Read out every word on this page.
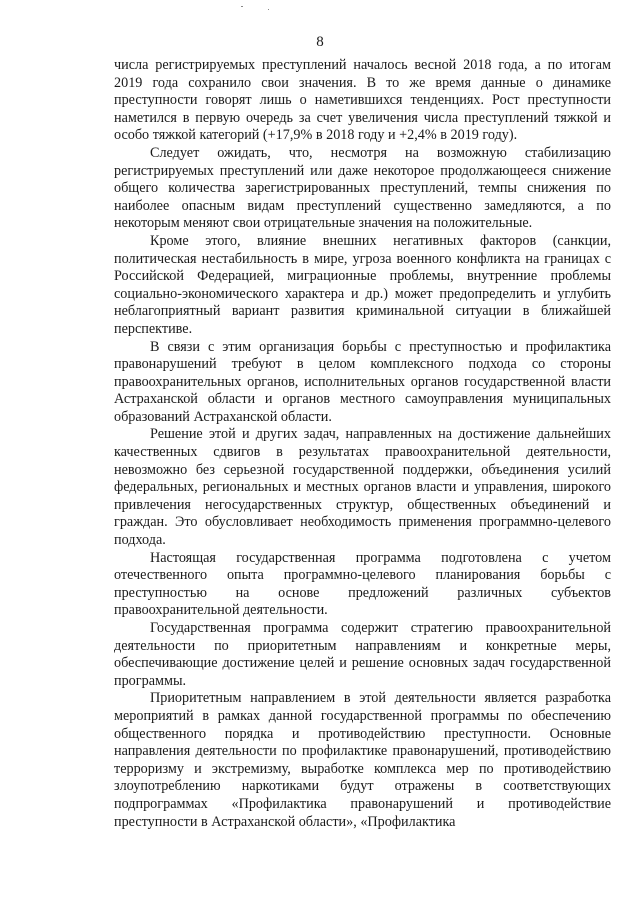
8

числа регистрируемых преступлений началось весной 2018 года, а по итогам 2019 года сохранило свои значения. В то же время данные о динамике преступности говорят лишь о наметившихся тенденциях. Рост преступности наметился в первую очередь за счет увеличения числа преступлений тяжкой и особо тяжкой категорий (+17,9% в 2018 году и +2,4% в 2019 году).

Следует ожидать, что, несмотря на возможную стабилизацию регистрируемых преступлений или даже некоторое продолжающееся снижение общего количества зарегистрированных преступлений, темпы снижения по наиболее опасным видам преступлений существенно замедляются, а по некоторым меняют свои отрицательные значения на положительные.

Кроме этого, влияние внешних негативных факторов (санкции, политическая нестабильность в мире, угроза военного конфликта на границах с Российской Федерацией, миграционные проблемы, внутренние проблемы социально-экономического характера и др.) может предопределить и углубить неблагоприятный вариант развития криминальной ситуации в ближайшей перспективе.

В связи с этим организация борьбы с преступностью и профилактика правонарушений требуют в целом комплексного подхода со стороны правоохранительных органов, исполнительных органов государственной власти Астраханской области и органов местного самоуправления муниципальных образований Астраханской области.

Решение этой и других задач, направленных на достижение дальнейших качественных сдвигов в результатах правоохранительной деятельности, невозможно без серьезной государственной поддержки, объединения усилий федеральных, региональных и местных органов власти и управления, широкого привлечения негосударственных структур, общественных объединений и граждан. Это обусловливает необходимость применения программно-целевого подхода.

Настоящая государственная программа подготовлена с учетом отечественного опыта программно-целевого планирования борьбы с преступностью на основе предложений различных субъектов правоохранительной деятельности.

Государственная программа содержит стратегию правоохранительной деятельности по приоритетным направлениям и конкретные меры, обеспечивающие достижение целей и решение основных задач государственной программы.

Приоритетным направлением в этой деятельности является разработка мероприятий в рамках данной государственной программы по обеспечению общественного порядка и противодействию преступности. Основные направления деятельности по профилактике правонарушений, противодействию терроризму и экстремизму, выработке комплекса мер по противодействию злоупотреблению наркотиками будут отражены в соответствующих подпрограммах «Профилактика правонарушений и противодействие преступности в Астраханской области», «Профилактика
